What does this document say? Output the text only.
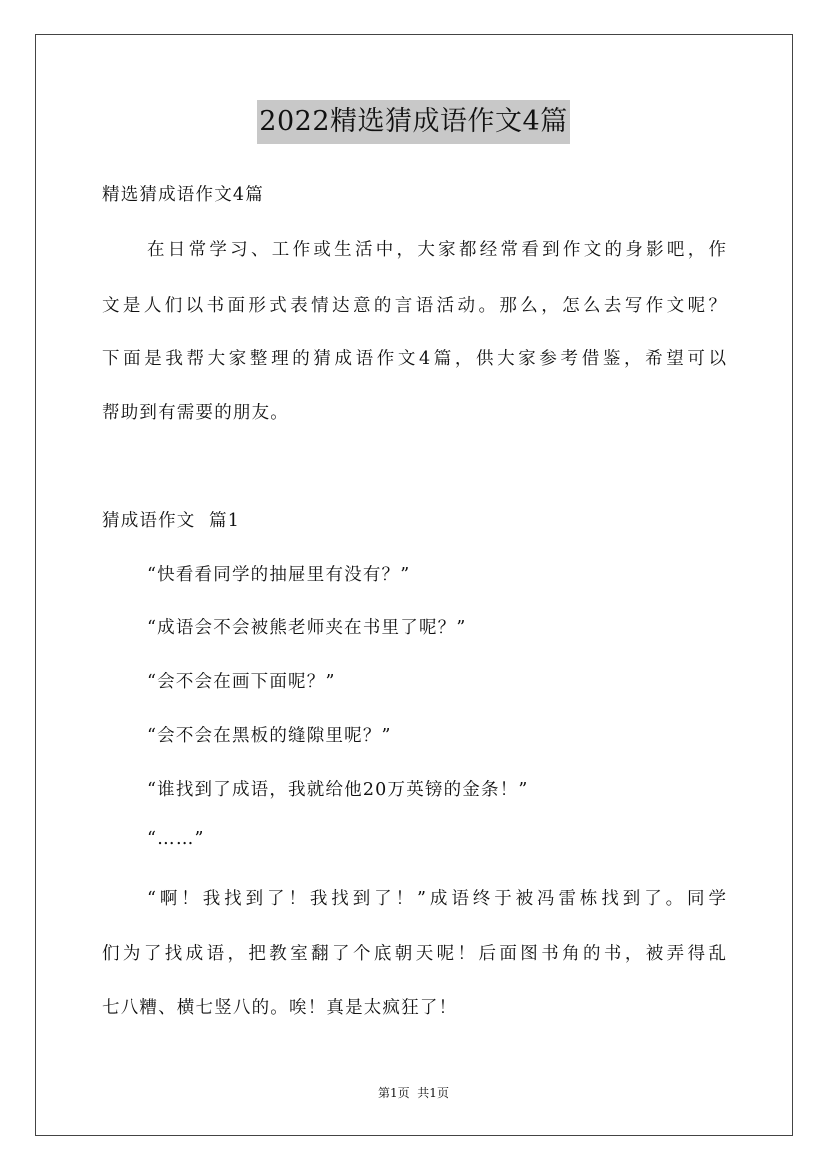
2022精选猜成语作文4篇
精选猜成语作文4篇
在日常学习、工作或生活中，大家都经常看到作文的身影吧，作
文是人们以书面形式表情达意的言语活动。那么，怎么去写作文呢？
下面是我帮大家整理的猜成语作文4篇，供大家参考借鉴，希望可以
帮助到有需要的朋友。
猜成语作文  篇1
“快看看同学的抽屉里有没有？”
“成语会不会被熊老师夹在书里了呢？”
“会不会在画下面呢？”
“会不会在黑板的缝隙里呢？”
“谁找到了成语，我就给他20万英镑的金条！”
“……”
“啊！我找到了！我找到了！”成语终于被冯雷栋找到了。同学
们为了找成语，把教室翻了个底朝天呢！后面图书角的书，被弄得乱
七八糟、横七竖八的。唉！真是太疯狂了！
第1页  共1页
